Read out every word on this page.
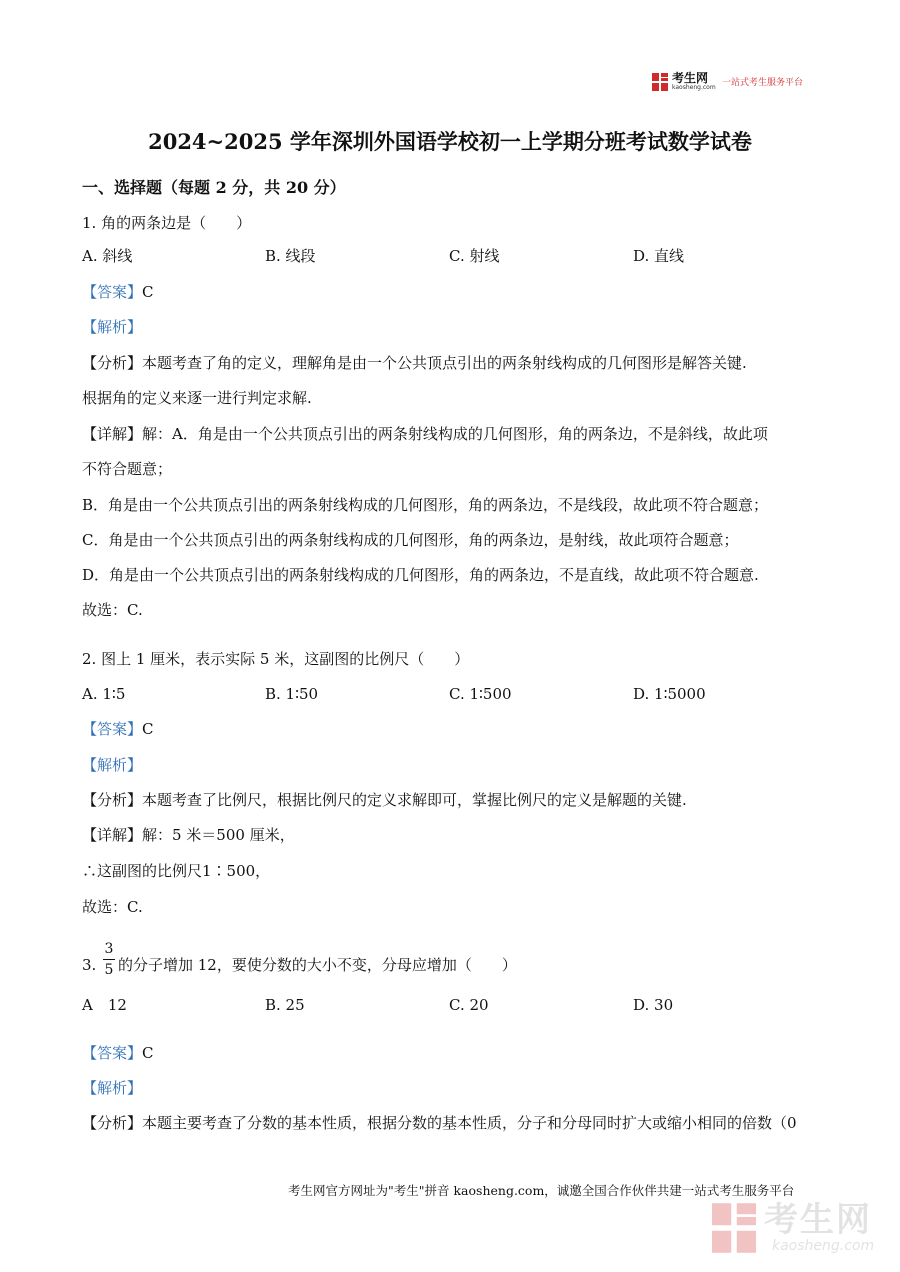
考生网
kaosheng.com 一站式考生服务平台
2024~2025 学年深圳外国语学校初一上学期分班考试数学试卷
一、选择题（每题 2 分，共 20 分）
1. 角的两条边是（　　）
A. 斜线	B. 线段	C. 射线	D. 直线
【答案】C
【解析】
【分析】本题考查了角的定义，理解角是由一个公共顶点引出的两条射线构成的几何图形是解答关键.
根据角的定义来逐一进行判定求解.
【详解】解：A．角是由一个公共顶点引出的两条射线构成的几何图形，角的两条边，不是斜线，故此项
不符合题意；
B．角是由一个公共顶点引出的两条射线构成的几何图形，角的两条边，不是线段，故此项不符合题意；
C．角是由一个公共顶点引出的两条射线构成的几何图形，角的两条边，是射线，故此项符合题意；
D．角是由一个公共顶点引出的两条射线构成的几何图形，角的两条边，不是直线，故此项不符合题意.
故选：C.
2. 图上 1 厘米，表示实际 5 米，这副图的比例尺（　　）
A. 1∶5	B. 1∶50	C. 1∶500	D. 1∶5000
【答案】C
【解析】
【分析】本题考查了比例尺，根据比例尺的定义求解即可，掌握比例尺的定义是解题的关键.
【详解】解：5 米＝500 厘米，
∴这副图的比例尺1∶500，
故选：C.
3.
3
5 的分子增加 12，要使分数的大小不变，分母应增加（　　）
A　12	B. 25	C. 20	D. 30
【答案】C
【解析】
【分析】本题主要考查了分数的基本性质，根据分数的基本性质，分子和分母同时扩大或缩小相同的倍数（0
考生网官方网址为"考生"拼音 kaosheng.com，诚邀全国合作伙伴共建一站式考生服务平台
考生网
kaosheng.com
